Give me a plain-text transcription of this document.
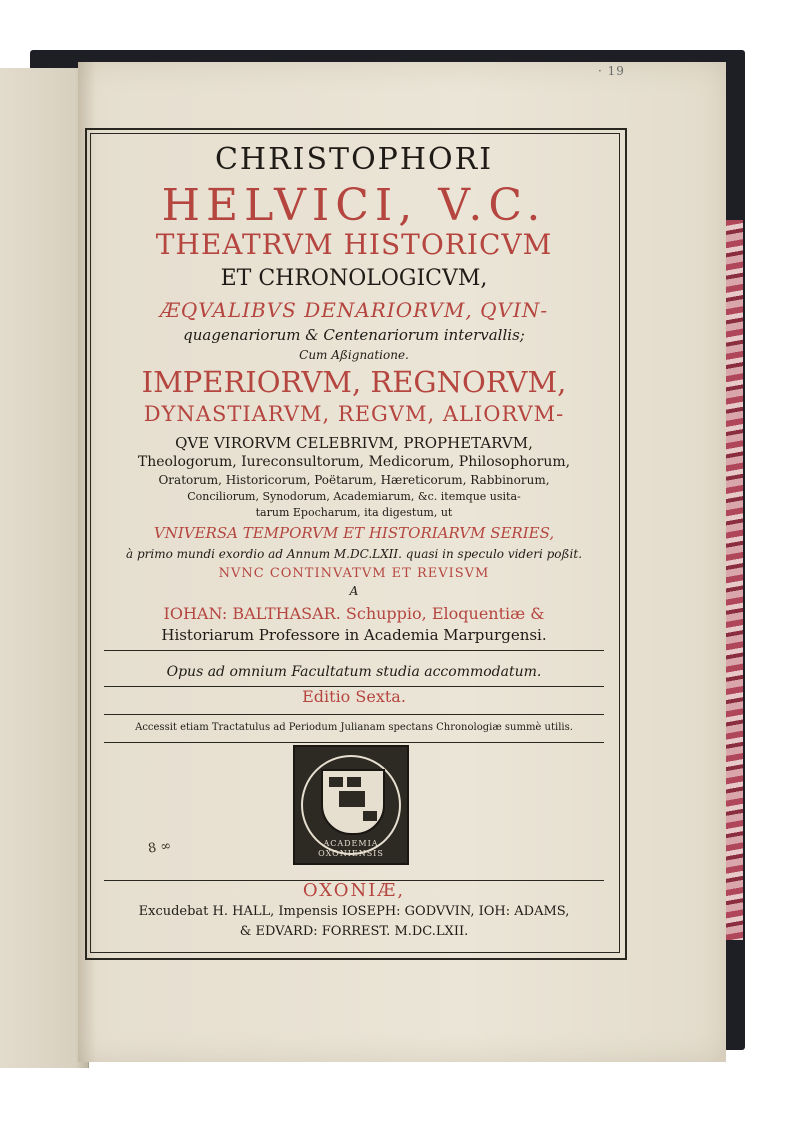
· 19

CHRISTOPHORI

HELVICI, V.C.

THEATRVM HISTORICVM

ET CHRONOLOGICVM,

ÆQVALIBVS DENARIORVM, QVIN-

quagenariorum & Centenariorum intervallis;

Cum Aßignatione.

IMPERIORVM, REGNORVM,

DYNASTIARVM, REGVM, ALIORVM-

QVE VIRORVM CELEBRIVM, PROPHETARVM,

Theologorum, Iureconsultorum, Medicorum, Philosophorum,

Oratorum, Historicorum, Poëtarum, Hæreticorum, Rabbinorum,

Conciliorum, Synodorum, Academiarum, &c. itemque usita-

tarum Epocharum, ita digestum, ut

VNIVERSA TEMPORVM ET HISTORIARVM SERIES,

à primo mundi exordio ad Annum M.DC.LXII. quasi in speculo videri poßit.

NVNC CONTINVATVM ET REVISVM

A

IOHAN: BALTHASAR. Schuppio, Eloquentiæ &

Historiarum Professore in Academia Marpurgensi.

Opus ad omnium Facultatum studia accommodatum.

Editio Sexta.

Accessit etiam Tractatulus ad Periodum Julianam spectans Chronologiæ summè utilis.

ACADEMIA
OXONIENSIS
8 ∞

OXONIÆ,

Excudebat H. HALL, Impensis IOSEPH: GODVVIN, IOH: ADAMS,

& EDVARD: FORREST. M.DC.LXII.
